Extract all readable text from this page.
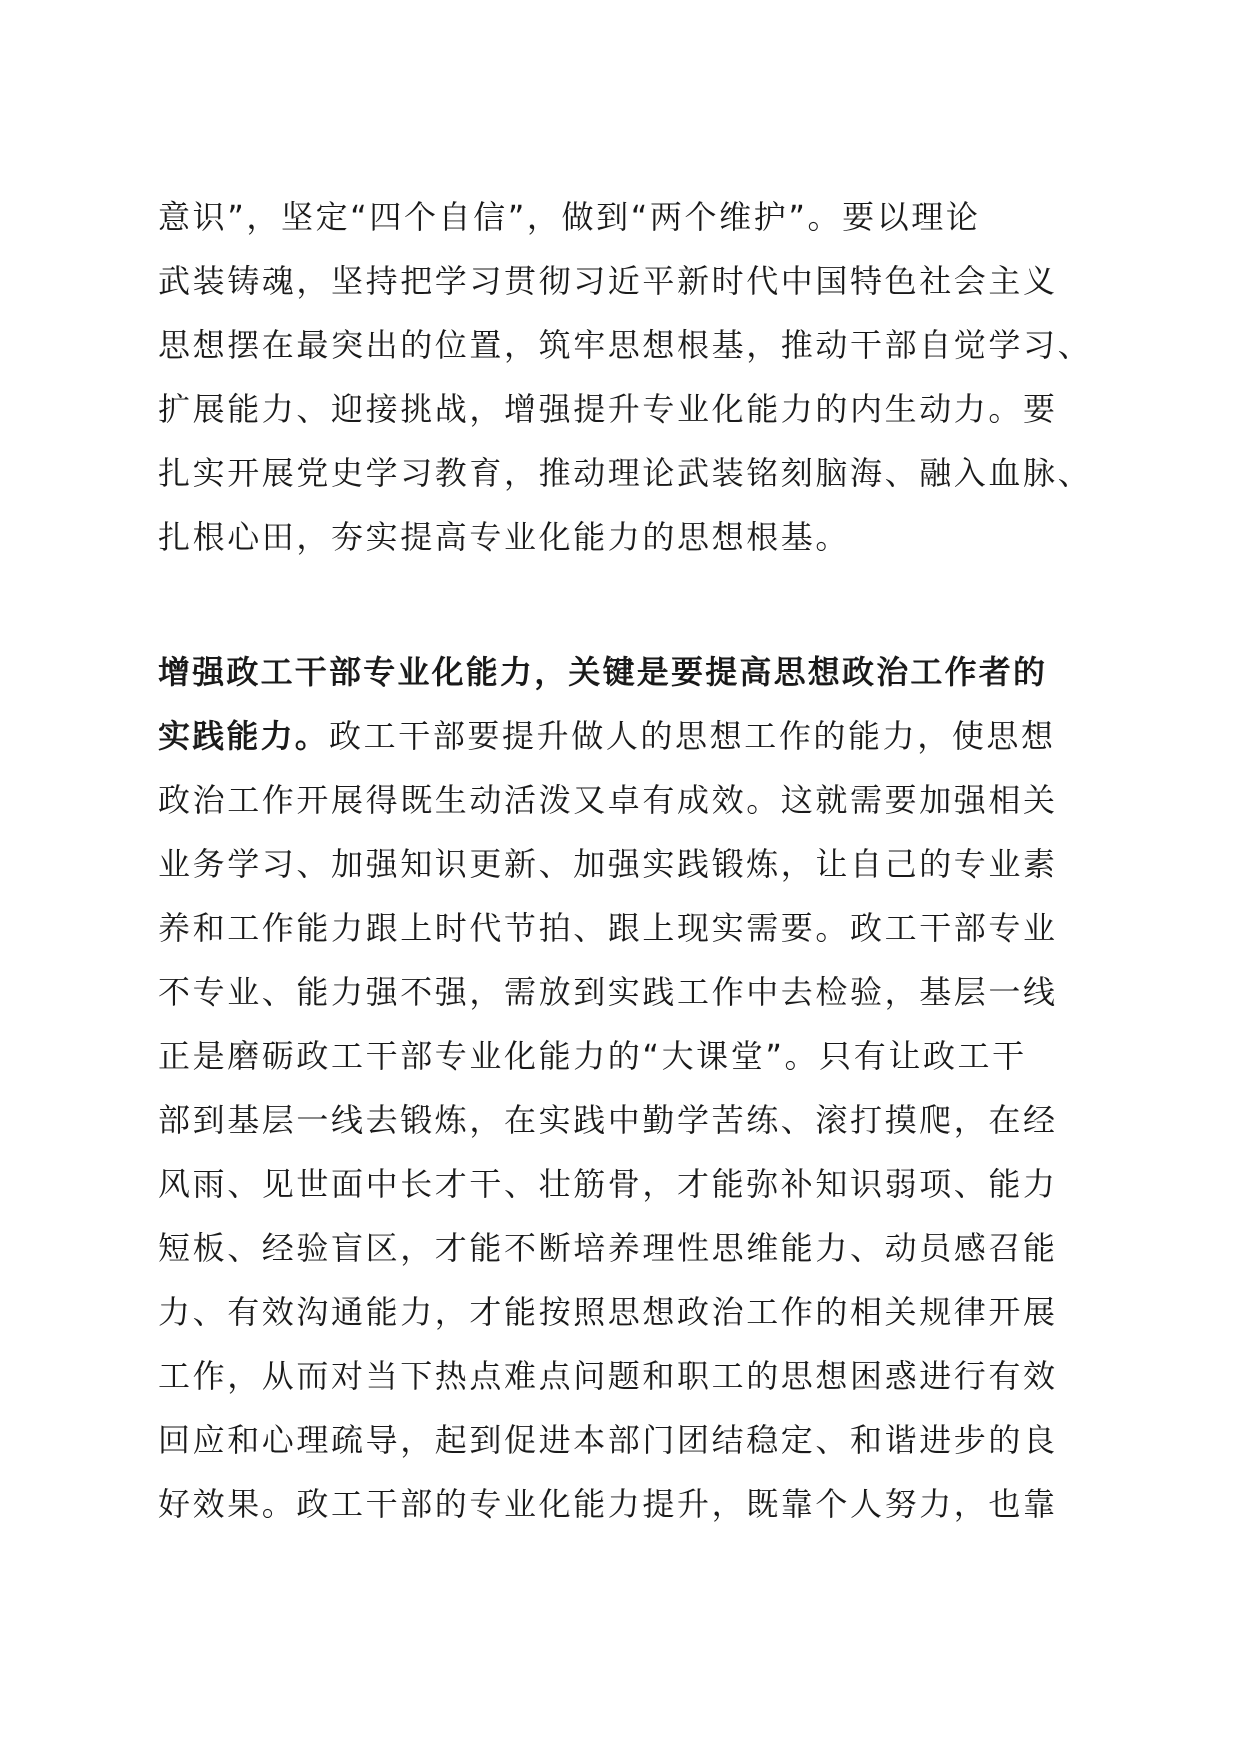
意识”，坚定“四个自信”，做到“两个维护”。要以理论
武装铸魂，坚持把学习贯彻习近平新时代中国特色社会主义
思想摆在最突出的位置，筑牢思想根基，推动干部自觉学习、
扩展能力、迎接挑战，增强提升专业化能力的内生动力。要
扎实开展党史学习教育，推动理论武装铭刻脑海、融入血脉、
扎根心田，夯实提高专业化能力的思想根基。
增强政工干部专业化能力，关键是要提高思想政治工作者的
实践能力。政工干部要提升做人的思想工作的能力，使思想
政治工作开展得既生动活泼又卓有成效。这就需要加强相关
业务学习、加强知识更新、加强实践锻炼，让自己的专业素
养和工作能力跟上时代节拍、跟上现实需要。政工干部专业
不专业、能力强不强，需放到实践工作中去检验，基层一线
正是磨砺政工干部专业化能力的“大课堂”。只有让政工干
部到基层一线去锻炼，在实践中勤学苦练、滚打摸爬，在经
风雨、见世面中长才干、壮筋骨，才能弥补知识弱项、能力
短板、经验盲区，才能不断培养理性思维能力、动员感召能
力、有效沟通能力，才能按照思想政治工作的相关规律开展
工作，从而对当下热点难点问题和职工的思想困惑进行有效
回应和心理疏导，起到促进本部门团结稳定、和谐进步的良
好效果。政工干部的专业化能力提升，既靠个人努力，也靠
